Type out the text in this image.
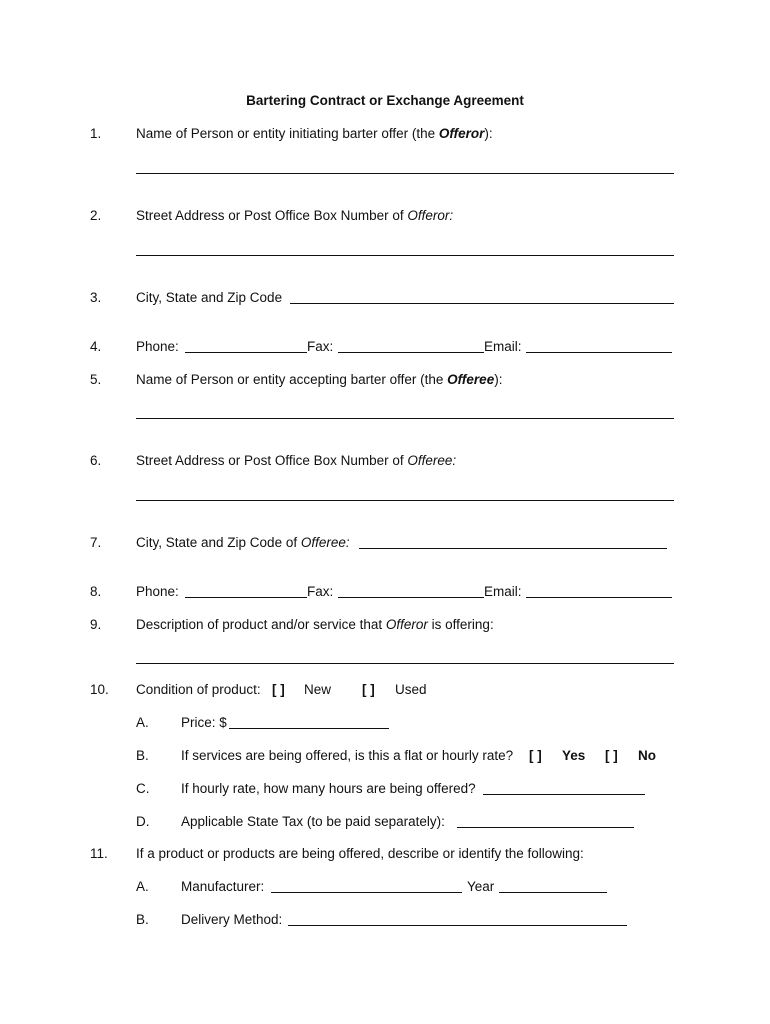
Bartering Contract or Exchange Agreement
1.	Name of Person or entity initiating barter offer (the Offeror):
2.	Street Address or Post Office Box Number of Offeror:
3.	City, State and Zip Code
4.	Phone:	Fax:	Email:
5.	Name of Person or entity accepting barter offer (the Offeree):
6.	Street Address or Post Office Box Number of Offeree:
7.	City, State and Zip Code of Offeree:
8.	Phone:	Fax:	Email:
9.	Description of product and/or service that Offeror is offering:
10. Condition of product: [ ] New [ ] Used
A. Price: $
B. If services are being offered, is this a flat or hourly rate? [ ] Yes [ ] No
C. If hourly rate, how many hours are being offered?
D. Applicable State Tax (to be paid separately):
11. If a product or products are being offered, describe or identify the following:
A. Manufacturer:	Year
B. Delivery Method:
